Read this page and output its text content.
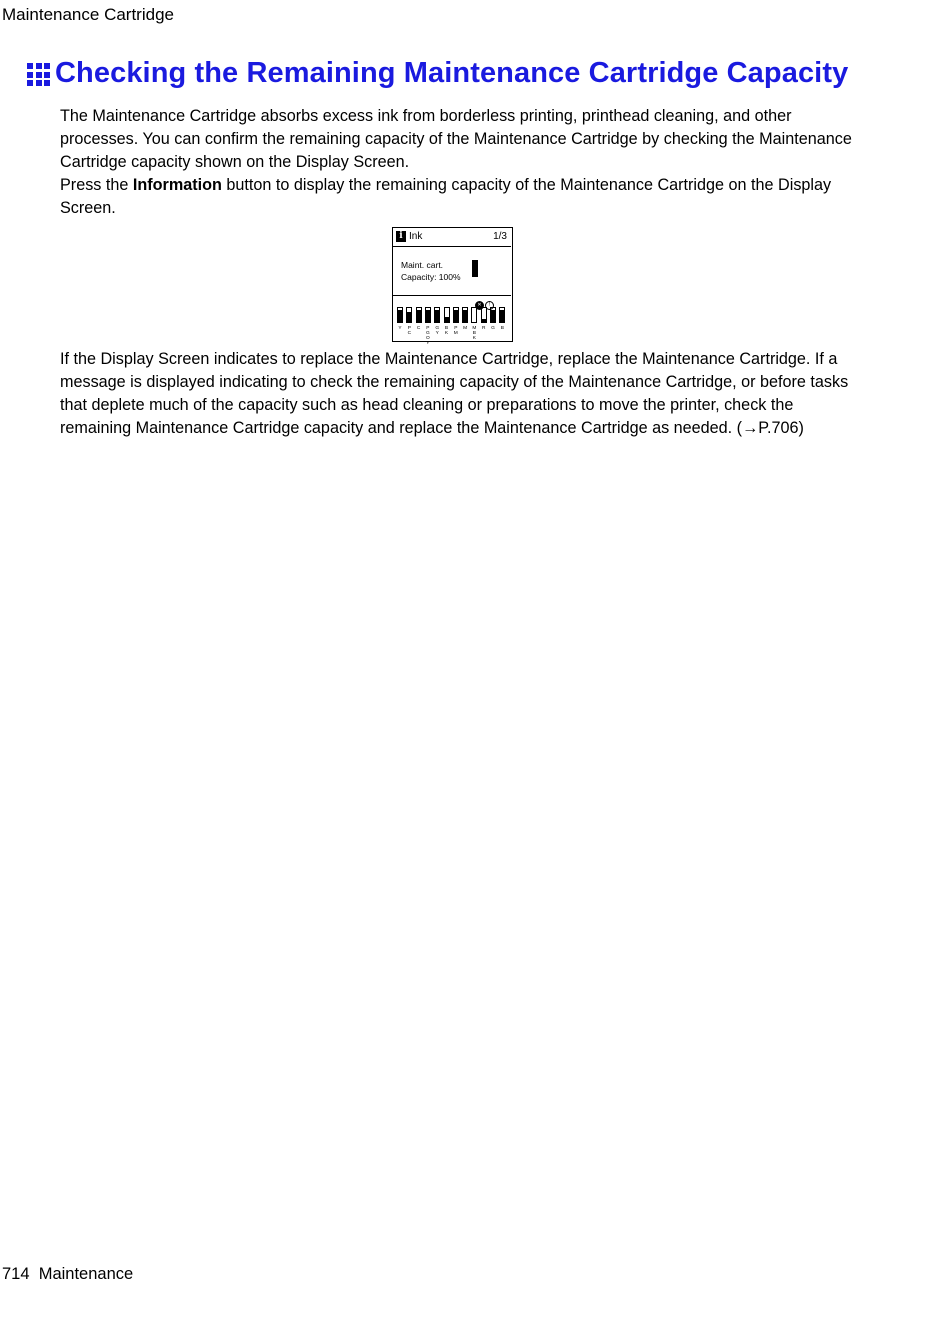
Maintenance Cartridge
Checking the Remaining Maintenance Cartridge Capacity

The Maintenance Cartridge absorbs excess ink from borderless printing, printhead cleaning, and other processes. You can confirm the remaining capacity of the Maintenance Cartridge by checking the Maintenance Cartridge capacity shown on the Display Screen.

Press the Information button to display the remaining capacity of the Maintenance Cartridge on the Display Screen.

i Ink	1/3
Maint. cart.
Capacity: 100%
✕ !
Y	P
C
C	P
G
O
Y
G
Y
B
K
P
M
M	M
B
K
R	G	B

If the Display Screen indicates to replace the Maintenance Cartridge, replace the Maintenance Cartridge. If a message is displayed indicating to check the remaining capacity of the Maintenance Cartridge, or before tasks that deplete much of the capacity such as head cleaning or preparations to move the printer, check the remaining Maintenance Cartridge capacity and replace the Maintenance Cartridge as needed. (→P.706)

714 Maintenance
